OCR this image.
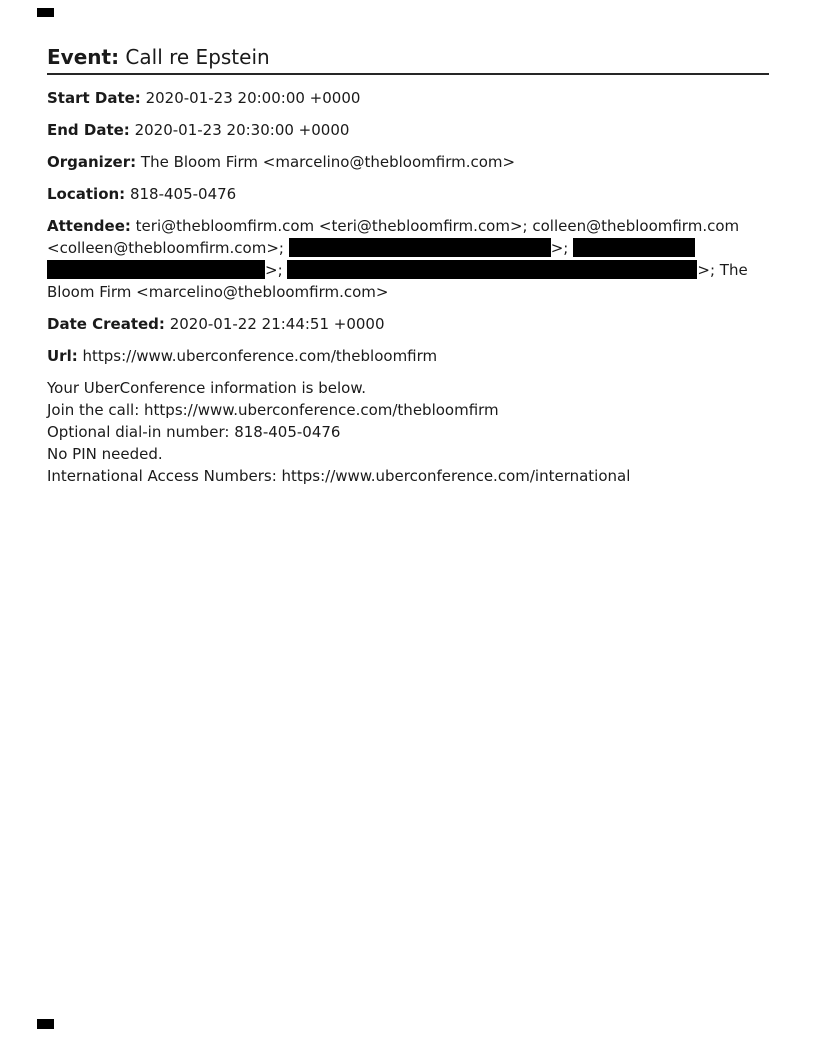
Event: Call re Epstein

Start Date: 2020-01-23 20:00:00 +0000

End Date: 2020-01-23 20:30:00 +0000

Organizer: The Bloom Firm <marcelino@thebloomfirm.com>

Location: 818-405-0476

Attendee: teri@thebloomfirm.com <teri@thebloomfirm.com>; colleen@thebloomfirm.com
<colleen@thebloomfirm.com>;	>;
>;	>; The
Bloom Firm <marcelino@thebloomfirm.com>

Date Created: 2020-01-22 21:44:51 +0000

Url: https://www.uberconference.com/thebloomfirm

Your UberConference information is below.
Join the call: https://www.uberconference.com/thebloomfirm
Optional dial-in number: 818-405-0476
No PIN needed.
International Access Numbers: https://www.uberconference.com/international
